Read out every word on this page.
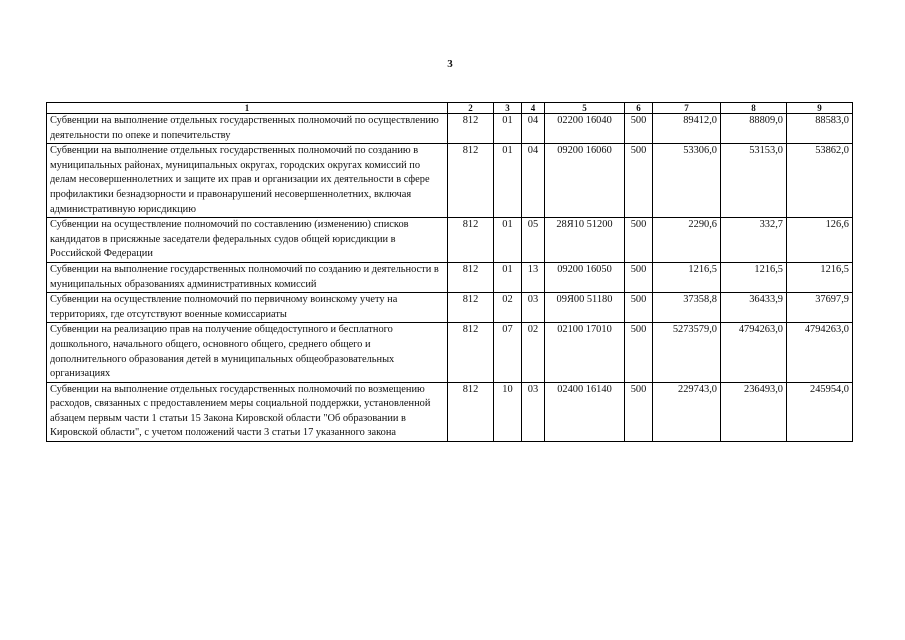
3
1	2	3	4	5	6	7	8	9
Субвенции на выполнение отдельных государственных полномочий по осуществлению деятельности по опеке и попечительству	812	01	04	02200 16040	500	89412,0	88809,0	88583,0
Субвенции на выполнение отдельных государственных полномочий по созданию в муниципальных районах, муниципальных округах, городских округах комиссий по делам несовершеннолетних и защите их прав и организации их деятельности в сфере профилактики безнадзорности и правонарушений несовершеннолетних, включая административную юрисдикцию	812	01	04	09200 16060	500	53306,0	53153,0	53862,0
Субвенции на осуществление полномочий по составлению (изменению) списков кандидатов в присяжные заседатели федеральных судов общей юрисдикции в Российской Федерации	812	01	05	28Я10 51200	500	2290,6	332,7	126,6
Субвенции на выполнение государственных полномочий по созданию и деятельности в муниципальных образованиях административных комиссий	812	01	13	09200 16050	500	1216,5	1216,5	1216,5
Субвенции на осуществление полномочий по первичному воинскому учету на территориях, где отсутствуют военные комиссариаты	812	02	03	09Я00 51180	500	37358,8	36433,9	37697,9
Субвенции на реализацию прав на получение общедоступного и бесплатного дошкольного, начального общего, основного общего, среднего общего и дополнительного образования детей в муниципальных общеобразовательных организациях	812	07	02	02100 17010	500	5273579,0	4794263,0	4794263,0
Субвенции на выполнение отдельных государственных полномочий по возмещению расходов, связанных с предоставлением меры социальной поддержки, установленной абзацем первым части 1 статьи 15 Закона Кировской области "Об образовании в Кировской области", с учетом положений части 3 статьи 17 указанного закона	812	10	03	02400 16140	500	229743,0	236493,0	245954,0
